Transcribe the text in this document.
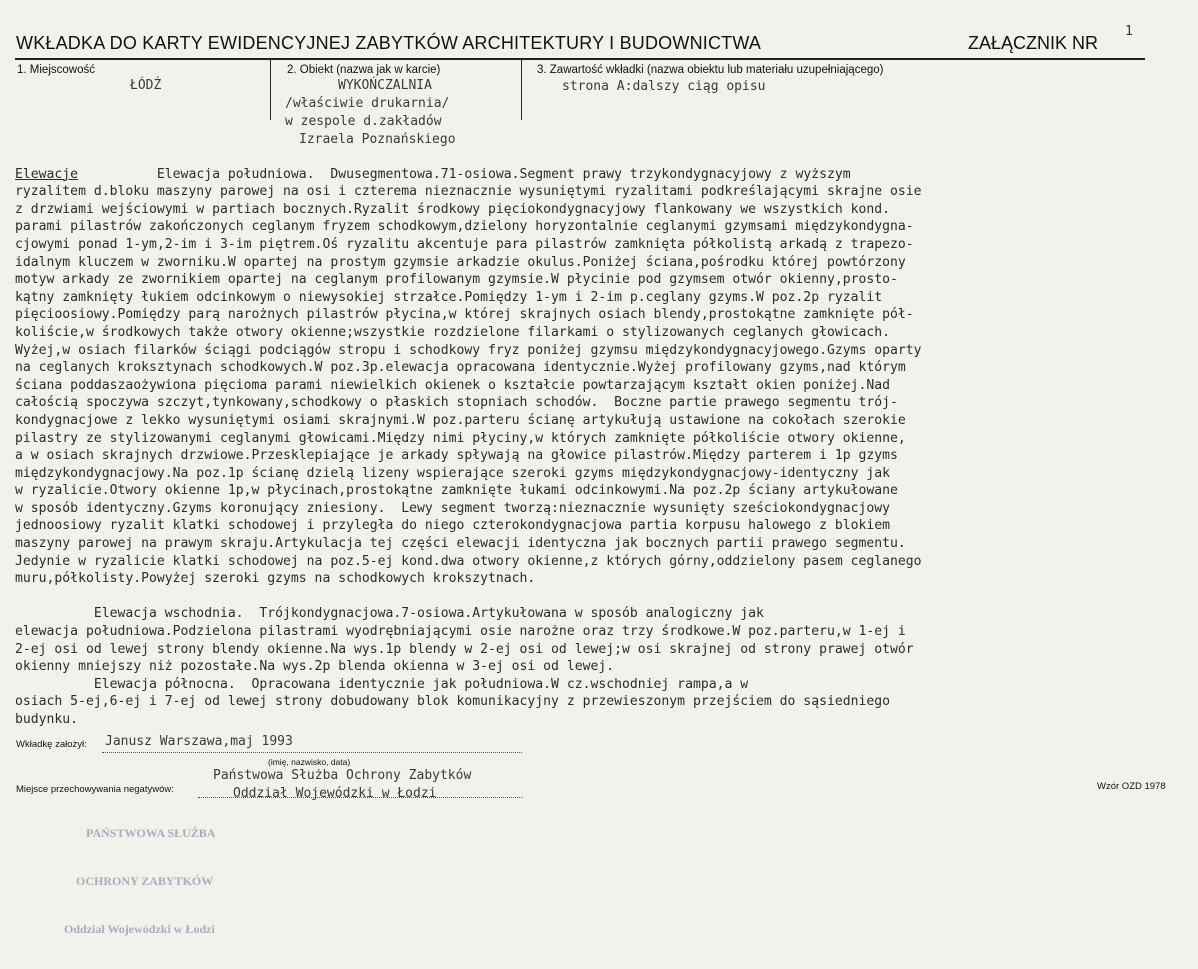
WKŁADKA DO KARTY EWIDENCYJNEJ ZABYTKÓW ARCHITEKTURY I BUDOWNICTWA	ZAŁĄCZNIK NR
1
1. Miejscowość
ŁÓDŹ
2. Obiekt (nazwa jak w karcie)
WYKOŃCZALNIA
/właściwie drukarnia/
w zespole d.zakładów
Izraela Poznańskiego
3. Zawartość wkładki (nazwa obiektu lub materiału uzupełniającego)
strona A:dalszy ciąg opisu

Elewacje          Elewacja południowa.  Dwusegmentowa.71-osiowa.Segment prawy trzykondygnacyjowy z wyższym
ryzalitem d.bloku maszyny parowej na osi i czterema nieznacznie wysuniętymi ryzalitami podkreślającymi skrajne osie
z drzwiami wejściowymi w partiach bocznych.Ryzalit środkowy pięciokondygnacyjowy flankowany we wszystkich kond.
parami pilastrów zakończonych ceglanym fryzem schodkowym,dzielony horyzontalnie ceglanymi gzymsami międzykondygna-
cjowymi ponad 1-ym,2-im i 3-im piętrem.Oś ryzalitu akcentuje para pilastrów zamknięta półkolistą arkadą z trapezo-
idalnym kluczem w zworniku.W opartej na prostym gzymsie arkadzie okulus.Poniżej ściana,pośrodku której powtórzony
motyw arkady ze zwornikiem opartej na ceglanym profilowanym gzymsie.W płycinie pod gzymsem otwór okienny,prosto-
kątny zamknięty łukiem odcinkowym o niewysokiej strzałce.Pomiędzy 1-ym i 2-im p.ceglany gzyms.W poz.2p ryzalit
pięcioosiowy.Pomiędzy parą narożnych pilastrów płycina,w której skrajnych osiach blendy,prostokątne zamknięte pół-
koliście,w środkowych także otwory okienne;wszystkie rozdzielone filarkami o stylizowanych ceglanych głowicach.
Wyżej,w osiach filarków ściągi podciągów stropu i schodkowy fryz poniżej gzymsu międzykondygnacyjowego.Gzyms oparty
na ceglanych kroksztynach schodkowych.W poz.3p.elewacja opracowana identycznie.Wyżej profilowany gzyms,nad którym
ściana poddaszaożywiona pięcioma parami niewielkich okienek o kształcie powtarzającym kształt okien poniżej.Nad
całością spoczywa szczyt,tynkowany,schodkowy o płaskich stopniach schodów.  Boczne partie prawego segmentu trój-
kondygnacjowe z lekko wysuniętymi osiami skrajnymi.W poz.parteru ścianę artykułują ustawione na cokołach szerokie
pilastry ze stylizowanymi ceglanymi głowicami.Między nimi płyciny,w których zamknięte półkoliście otwory okienne,
a w osiach skrajnych drzwiowe.Przesklepiające je arkady spływają na głowice pilastrów.Między parterem i 1p gzyms
międzykondygnacjowy.Na poz.1p ścianę dzielą lizeny wspierające szeroki gzyms międzykondygnacjowy-identyczny jak
w ryzalicie.Otwory okienne 1p,w płycinach,prostokątne zamknięte łukami odcinkowymi.Na poz.2p ściany artykułowane
w sposób identyczny.Gzyms koronujący zniesiony.  Lewy segment tworzą:nieznacznie wysunięty sześciokondygnacjowy
jednoosiowy ryzalit klatki schodowej i przyległa do niego czterokondygnacjowa partia korpusu halowego z blokiem
maszyny parowej na prawym skraju.Artykulacja tej części elewacji identyczna jak bocznych partii prawego segmentu.
Jedynie w ryzalicie klatki schodowej na poz.5-ej kond.dwa otwory okienne,z których górny,oddzielony pasem ceglanego
muru,półkolisty.Powyżej szeroki gzyms na schodkowych krokszytnach.

Elewacja wschodnia.  Trójkondygnacjowa.7-osiowa.Artykułowana w sposób analogiczny jak
elewacja południowa.Podzielona pilastrami wyodrębniającymi osie narożne oraz trzy środkowe.W poz.parteru,w 1-ej i
2-ej osi od lewej strony blendy okienne.Na wys.1p blendy w 2-ej osi od lewej;w osi skrajnej od strony prawej otwór
okienny mniejszy niż pozostałe.Na wys.2p blenda okienna w 3-ej osi od lewej.
Elewacja północna.  Opracowana identycznie jak południowa.W cz.wschodniej rampa,a w
osiach 5-ej,6-ej i 7-ej od lewej strony dobudowany blok komunikacyjny z przewieszonym przejściem do sąsiedniego
budynku.
Wkładkę założył: Janusz Warszawa,maj 1993
(imię, nazwisko, data)
Miejsce przechowywania negatywów:
Państwowa Służba Ochrony Zabytków
Oddział Wojewódzki w Łodzi

PAŃSTWOWA SŁUŻBA

OCHRONY ZABYTKÓW

Oddział Wojewódzki w Łodzi

Wzór OZD 1978
